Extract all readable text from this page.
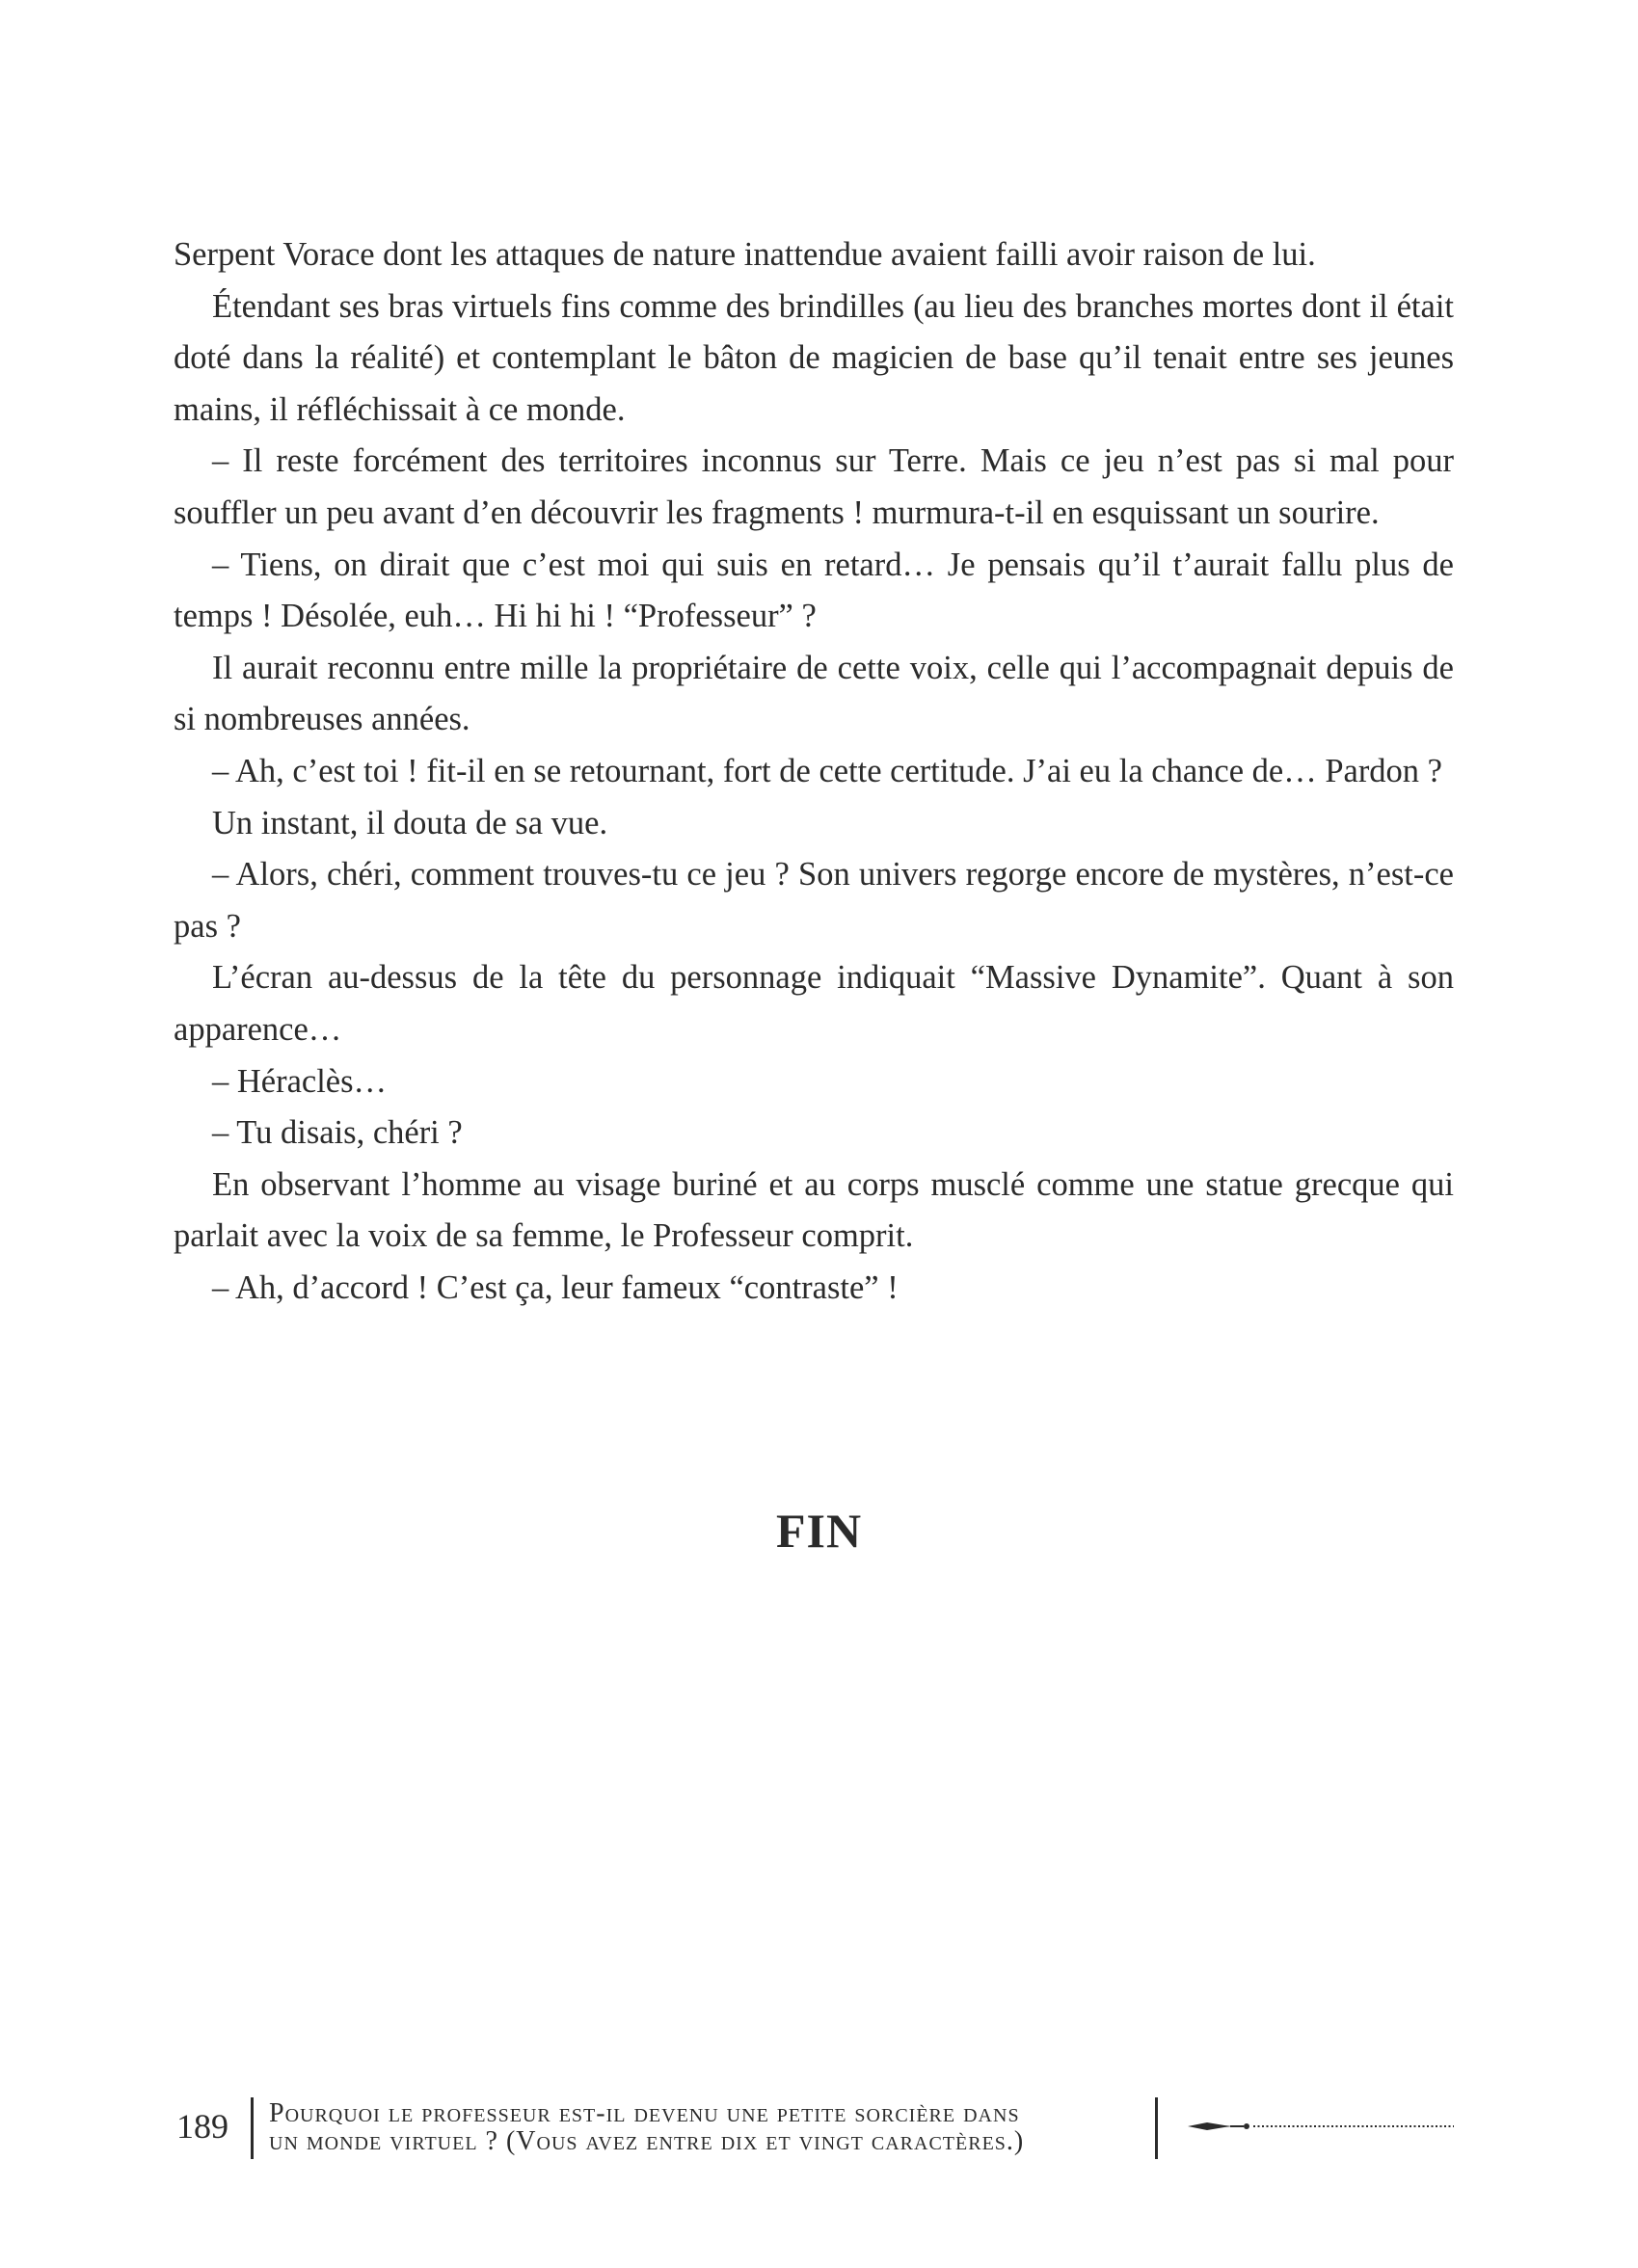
Serpent Vorace dont les attaques de nature inattendue avaient failli avoir raison de lui.

Étendant ses bras virtuels fins comme des brindilles (au lieu des branches mortes dont il était doté dans la réalité) et contemplant le bâton de magicien de base qu’il tenait entre ses jeunes mains, il réfléchissait à ce monde.

– Il reste forcément des territoires inconnus sur Terre. Mais ce jeu n’est pas si mal pour souffler un peu avant d’en découvrir les fragments ! murmura-t-il en esquissant un sourire.

– Tiens, on dirait que c’est moi qui suis en retard… Je pensais qu’il t’aurait fallu plus de temps ! Désolée, euh… Hi hi hi ! “Professeur” ?

Il aurait reconnu entre mille la propriétaire de cette voix, celle qui l’accompagnait depuis de si nombreuses années.

– Ah, c’est toi ! fit-il en se retournant, fort de cette certitude. J’ai eu la chance de… Pardon ?

Un instant, il douta de sa vue.

– Alors, chéri, comment trouves-tu ce jeu ? Son univers regorge encore de mystères, n’est-ce pas ?

L’écran au-dessus de la tête du personnage indiquait “Massive Dynamite”. Quant à son apparence…

– Héraclès…

– Tu disais, chéri ?

En observant l’homme au visage buriné et au corps musclé comme une statue grecque qui parlait avec la voix de sa femme, le Professeur comprit.

– Ah, d’accord ! C’est ça, leur fameux “contraste” !

FIN
189 Pourquoi le professeur est-il devenu une petite sorcière dans
un monde virtuel ? (Vous avez entre dix et vingt caractères.)
